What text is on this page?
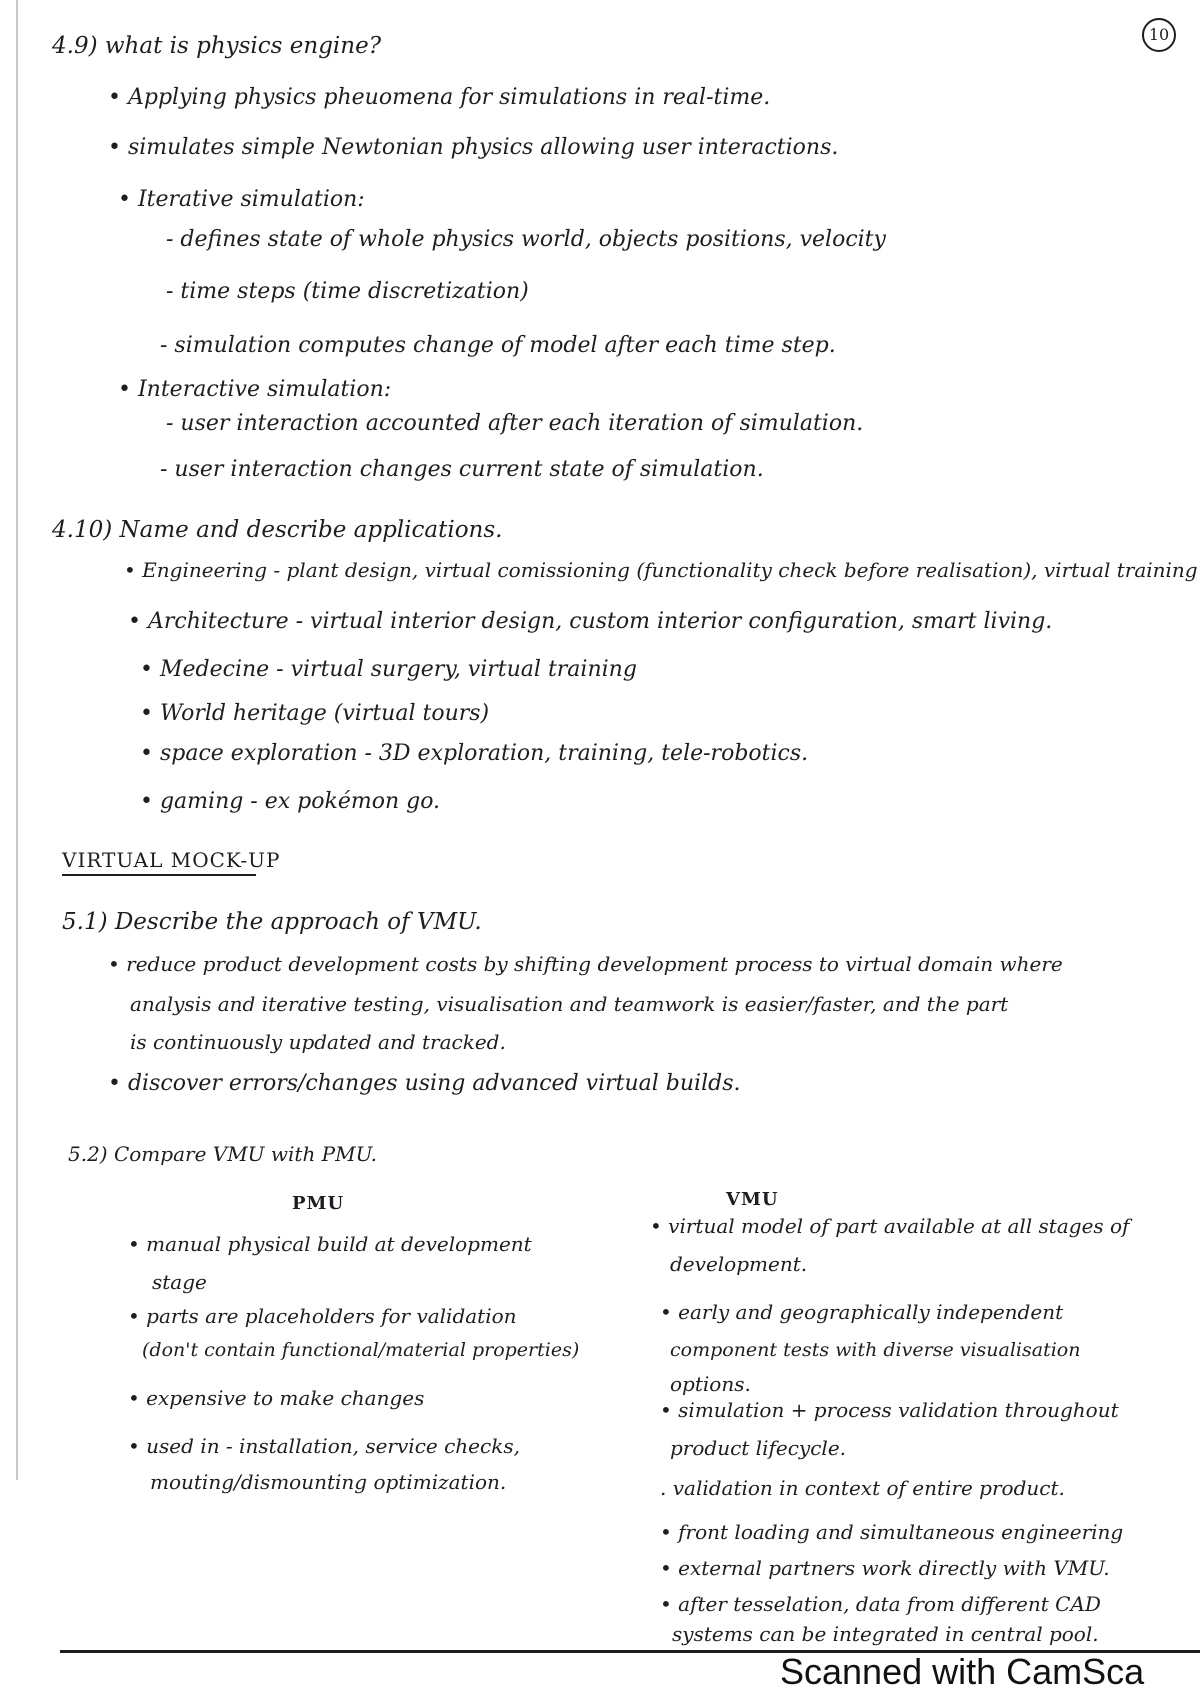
10
4.9) what is physics engine?
• Applying physics pheuomena for simulations in real-time.
• simulates simple Newtonian physics allowing user interactions.
• Iterative simulation:
- defines state of whole physics world, objects positions, velocity
- time steps (time discretization)
- simulation computes change of model after each time step.
• Interactive simulation:
- user interaction accounted after each iteration of simulation.
- user interaction changes current state of simulation.
4.10) Name and describe applications.
• Engineering - plant design, virtual comissioning (functionality check before realisation), virtual training
• Architecture - virtual interior design, custom interior configuration, smart living.
• Medecine - virtual surgery, virtual training
• World heritage (virtual tours)
• space exploration - 3D exploration, training, tele-robotics.
• gaming - ex pokémon go.
VIRTUAL MOCK-UP
5.1) Describe the approach of VMU.
• reduce product development costs by shifting development process to virtual domain where
analysis and iterative testing, visualisation and teamwork is easier/faster, and the part
is continuously updated and tracked.
• discover errors/changes using advanced virtual builds.
5.2) Compare VMU with PMU.
PMU	VMU
• manual physical build at development
stage
• parts are placeholders for validation
(don't contain functional/material properties)
• expensive to make changes
• used in - installation, service checks,
mouting/dismounting optimization.
• virtual model of part available at all stages of
development.
• early and geographically independent
component tests with diverse visualisation
options.
• simulation + process validation throughout
product lifecycle.
. validation in context of entire product.
• front loading and simultaneous engineering
• external partners work directly with VMU.
• after tesselation, data from different CAD
systems can be integrated in central pool.
Scanned with CamSca
